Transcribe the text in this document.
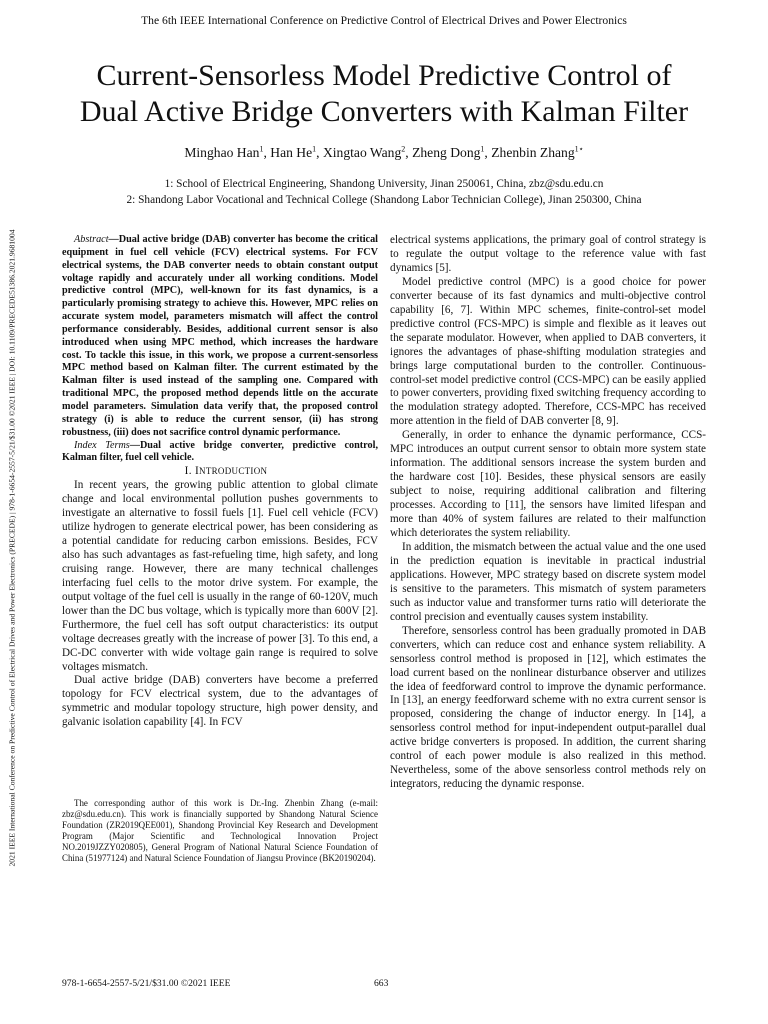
The 6th IEEE International Conference on Predictive Control of Electrical Drives and Power Electronics
2021 IEEE International Conference on Predictive Control of Electrical Drives and Power Electronics (PRECEDE) | 978-1-6654-2557-5/21/$31.00 ©2021 IEEE | DOI: 10.1109/PRECEDE51386.2021.9681004
Current-Sensorless Model Predictive Control of
Dual Active Bridge Converters with Kalman Filter
Minghao Han$^1$, Han He$^1$, Xingtao Wang$^2$, Zheng Dong$^1$, Zhenbin Zhang$^{1⋆}$
1: School of Electrical Engineering, Shandong University, Jinan 250061, China, zbz@sdu.edu.cn
2: Shandong Labor Vocational and Technical College (Shandong Labor Technician College), Jinan 250300, China

Abstract—Dual active bridge (DAB) converter has become the critical equipment in fuel cell vehicle (FCV) electrical systems. For FCV electrical systems, the DAB converter needs to obtain constant output voltage rapidly and accurately under all working conditions. Model predictive control (MPC), well-known for its fast dynamics, is a particularly promising strategy to achieve this. However, MPC relies on accurate system model, parameters mismatch will affect the control performance considerably. Besides, additional current sensor is also introduced when using MPC method, which increases the hardware cost. To tackle this issue, in this work, we propose a current-sensorless MPC method based on Kalman filter. The current estimated by the Kalman filter is used instead of the sampling one. Compared with traditional MPC, the proposed method depends little on the accurate model parameters. Simulation data verify that, the proposed control strategy (i) is able to reduce the current sensor, (ii) has strong robustness, (iii) does not sacrifice control dynamic performance.

Index Terms—Dual active bridge converter, predictive control, Kalman filter, fuel cell vehicle.

I. INTRODUCTION

In recent years, the growing public attention to global climate change and local environmental pollution pushes governments to investigate an alternative to fossil fuels [1]. Fuel cell vehicle (FCV) utilize hydrogen to generate electrical power, has been considering as a potential candidate for reducing carbon emissions. Besides, FCV also has such advantages as fast-refueling time, high safety, and long cruising range. However, there are many technical challenges interfacing fuel cells to the motor drive system. For example, the output voltage of the fuel cell is usually in the range of 60-120V, much lower than the DC bus voltage, which is typically more than 600V [2]. Furthermore, the fuel cell has soft output characteristics: its output voltage decreases greatly with the increase of power [3]. To this end, a DC-DC converter with wide voltage gain range is required to solve voltages mismatch.

Dual active bridge (DAB) converters have become a preferred topology for FCV electrical system, due to the advantages of symmetric and modular topology structure, high power density, and galvanic isolation capability [4]. In FCV

The corresponding author of this work is Dr.-Ing. Zhenbin Zhang (e-mail: zbz@sdu.edu.cn). This work is financially supported by Shandong Natural Science Foundation (ZR2019QEE001), Shandong Provincial Key Research and Development Program (Major Scientific and Technological Innovation Project NO.2019JZZY020805), General Program of National Natural Science Foundation of China (51977124) and Natural Science Foundation of Jiangsu Province (BK20190204).

electrical systems applications, the primary goal of control strategy is to regulate the output voltage to the reference value with fast dynamics [5].

Model predictive control (MPC) is a good choice for power converter because of its fast dynamics and multi-objective control capability [6, 7]. Within MPC schemes, finite-control-set model predictive control (FCS-MPC) is simple and flexible as it leaves out the separate modulator. However, when applied to DAB converters, it ignores the advantages of phase-shifting modulation strategies and brings large computational burden to the controller. Continuous-control-set model predictive control (CCS-MPC) can be easily applied to power converters, providing fixed switching frequency according to the modulation strategy adopted. Therefore, CCS-MPC has received more attention in the field of DAB converter [8, 9].

Generally, in order to enhance the dynamic performance, CCS-MPC introduces an output current sensor to obtain more system state information. The additional sensors increase the system burden and the hardware cost [10]. Besides, these physical sensors are easily subject to noise, requiring additional calibration and filtering processes. According to [11], the sensors have limited lifespan and more than 40% of system failures are related to their malfunction which deteriorates the system reliability.

In addition, the mismatch between the actual value and the one used in the prediction equation is inevitable in practical industrial applications. However, MPC strategy based on discrete system model is sensitive to the parameters. This mismatch of system parameters such as inductor value and transformer turns ratio will deteriorate the control precision and eventually causes system instability.

Therefore, sensorless control has been gradually promoted in DAB converters, which can reduce cost and enhance system reliability. A sensorless control method is proposed in [12], which estimates the load current based on the nonlinear disturbance observer and utilizes the idea of feedforward control to improve the dynamic performance. In [13], an energy feedforward scheme with no extra current sensor is proposed, considering the change of inductor energy. In [14], a sensorless control method for input-independent output-parallel dual active bridge converters is proposed. In addition, the current sharing control of each power module is also realized in this method. Nevertheless, some of the above sensorless control methods rely on integrators, reducing the dynamic response.

978-1-6654-2557-5/21/$31.00 ©2021 IEEE	663
